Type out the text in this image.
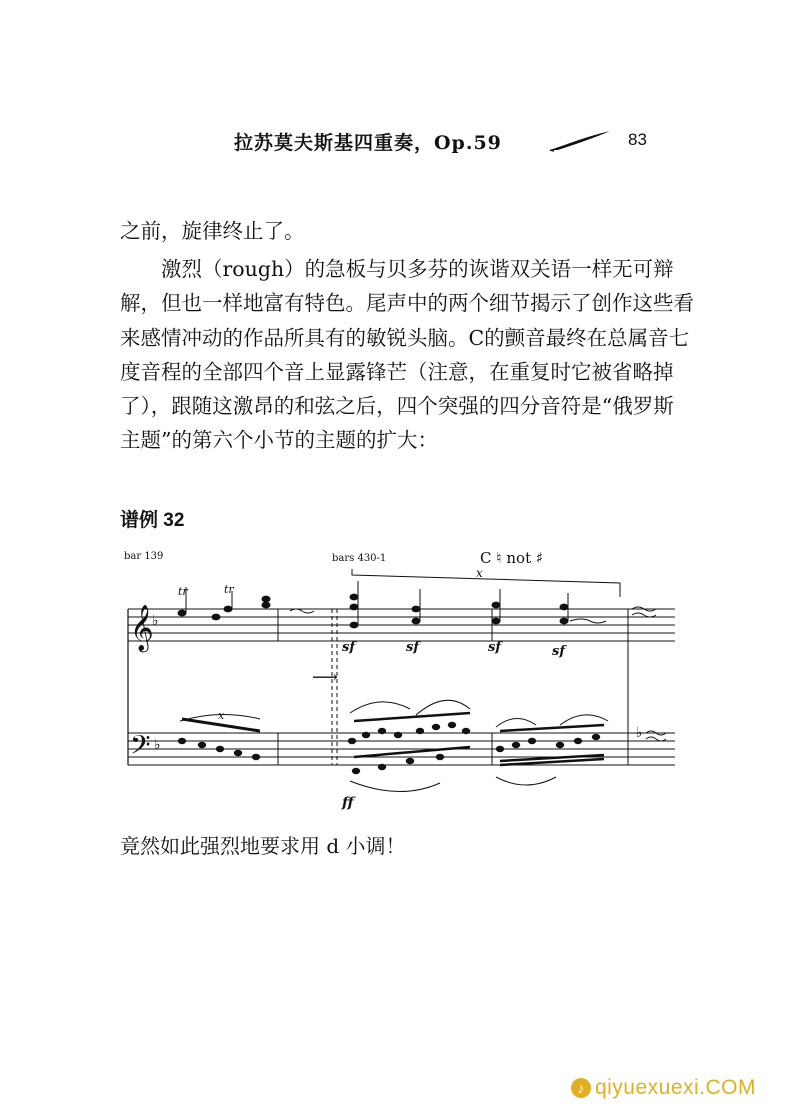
拉苏莫夫斯基四重奏，Op.59	83

之前，旋律终止了。

激烈（rough）的急板与贝多芬的诙谐双关语一样无可辩解，但也一样地富有特色。尾声中的两个细节揭示了创作这些看来感情冲动的作品所具有的敏锐头脑。C的颤音最终在总属音七度音程的全部四个音上显露锋芒（注意，在重复时它被省略掉了），跟随这激昂的和弦之后，四个突强的四分音符是“俄罗斯主题”的第六个小节的主题的扩大：

谱例 32
bar 139	bars 430-1	C ♮ not ♯
x
𝄞
♭
𝄢 ♭
tr	tr
sf	sf	sf	sf
⟶
x
ff
♭
竟然如此强烈地要求用 d 小调！
♪ qiyuexuexi.COM
